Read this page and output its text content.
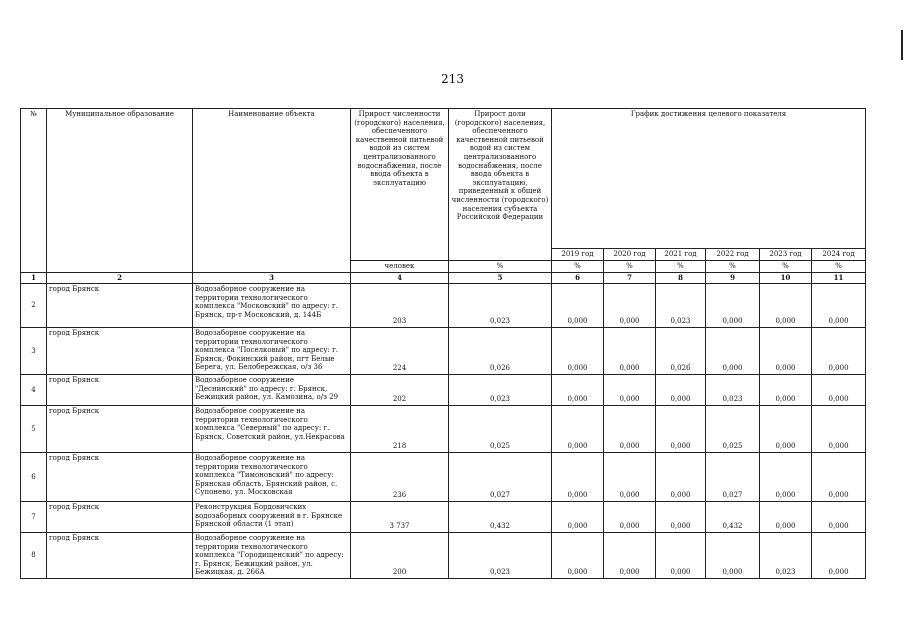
213
№	Муниципальное образование	Наименование объекта	Прирост численности (городского) населения, обеспеченного качественной питьевой водой из систем централизованного водоснабжения, после ввода объекта в эксплуатацию	Прирост доли (городского) населения, обеспеченного качественной питьевой водой из систем централизованного водоснабжения, после ввода объекта в эксплуатацию, приведенный к общей численности (городского) населения субъекта Российской Федерации	График достижения целевого показателя					
					2019 год	2020 год	2021 год	2022 год	2023 год	2024 год
			человек	%	%	%	%	%	%	%
1	2	3	4	5	6	7	8	9	10	11
2	город Брянск	Водозаборное сооружение на территории технологического комплекса "Московский" по адресу: г. Брянск, пр-т Московский, д. 144Б	203	0,023	0,000	0,000	0,023	0,000	0,000	0,000
3	город Брянск	Водозаборное сооружение на территории технологического комплекса "Поселковый" по адресу: г. Брянск, Фокинский район, пгт Белые Берега, ул. Белобережская, о/з 36	224	0,026	0,000	0,000	0,026	0,000	0,000	0,000
4	город Брянск	Водозаборное сооружение "Деснинский" по адресу: г. Брянск, Бежицкий район, ул. Камозина, о/з 29	202	0,023	0,000	0,000	0,000	0,023	0,000	0,000
5	город Брянск	Водозаборное сооружение на территории технологического комплекса "Северный" по адресу: г. Брянск, Советский район, ул.Некрасова	218	0,025	0,000	0,000	0,000	0,025	0,000	0,000
6	город Брянск	Водозаборное сооружение на территории технологического комплекса "Тимоновский" по адресу: Брянская область, Брянский район, с. Супонево, ул. Московская	236	0,027	0,000	0,000	0,000	0,027	0,000	0,000
7	город Брянск	Реконструкция Бордовичских водозаборных сооружений в г. Брянске Брянской области (1 этап)	3 737	0,432	0,000	0,000	0,000	0,432	0,000	0,000
8	город Брянск	Водозаборное сооружение на территории технологического комплекса "Городищенский" по адресу: г. Брянск, Бежицкий район, ул. Бежицкая, д. 266А	200	0,023	0,000	0,000	0,000	0,000	0,023	0,000
